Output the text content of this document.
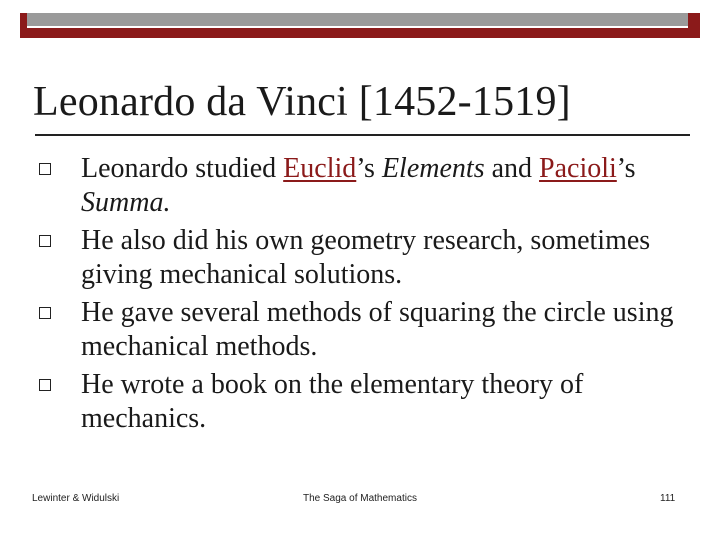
Leonardo da Vinci [1452-1519]
Leonardo studied Euclid’s Elements and Pacioli’s Summa.
He also did his own geometry research, sometimes giving mechanical solutions.
He gave several methods of squaring the circle using mechanical methods.
He wrote a book on the elementary theory of mechanics.
Lewinter & Widulski	The Saga of Mathematics	111
